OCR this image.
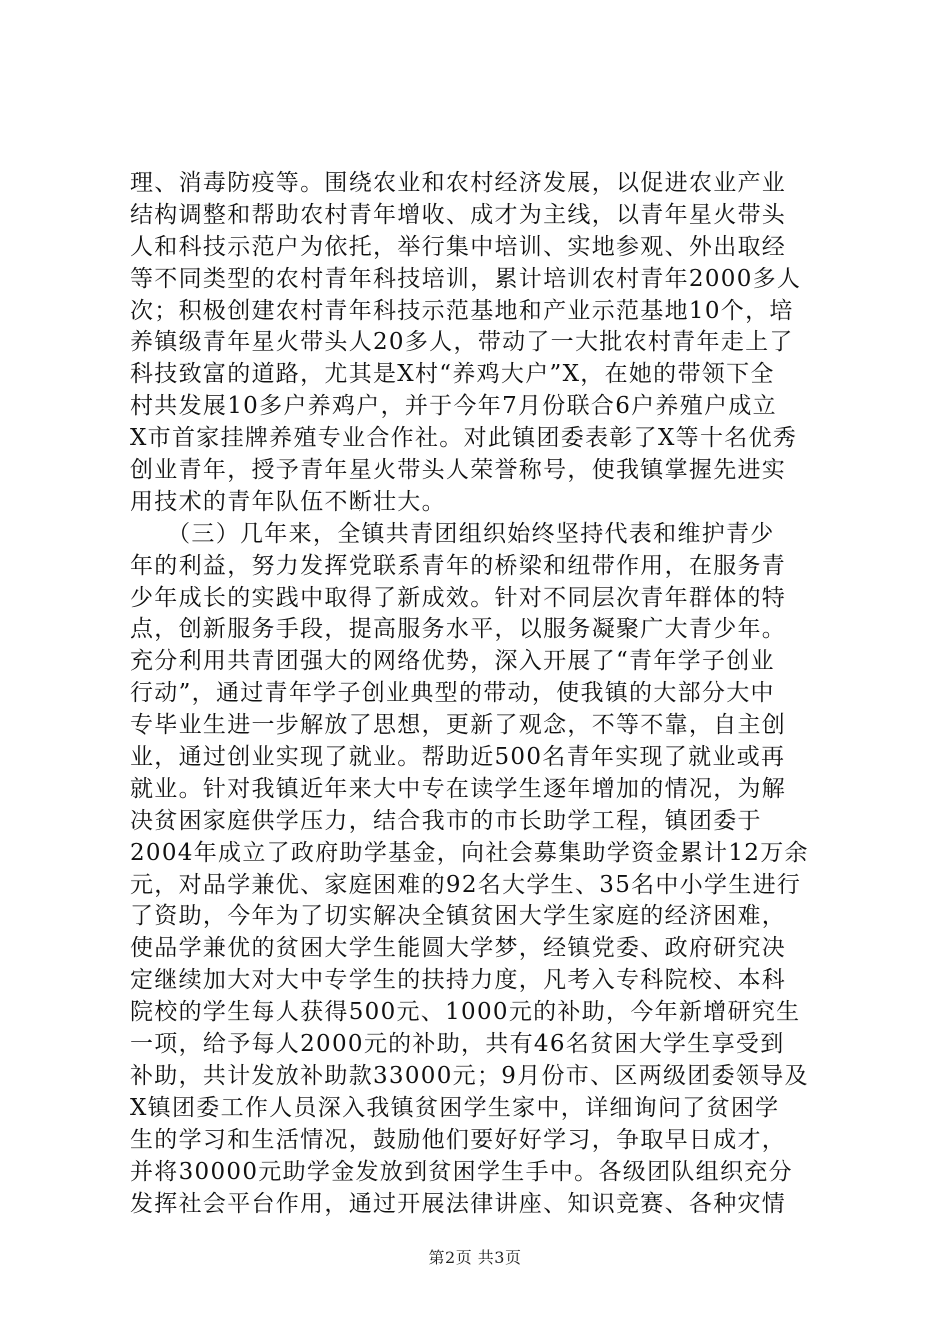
理、消毒防疫等。围绕农业和农村经济发展，以促进农业产业
结构调整和帮助农村青年增收、成才为主线，以青年星火带头
人和科技示范户为依托，举行集中培训、实地参观、外出取经
等不同类型的农村青年科技培训，累计培训农村青年2000多人
次；积极创建农村青年科技示范基地和产业示范基地10个，培
养镇级青年星火带头人20多人，带动了一大批农村青年走上了
科技致富的道路，尤其是X村“养鸡大户”X，在她的带领下全
村共发展10多户养鸡户，并于今年7月份联合6户养殖户成立
X市首家挂牌养殖专业合作社。对此镇团委表彰了X等十名优秀
创业青年，授予青年星火带头人荣誉称号，使我镇掌握先进实
用技术的青年队伍不断壮大。
　　（三）几年来，全镇共青团组织始终坚持代表和维护青少
年的利益，努力发挥党联系青年的桥梁和纽带作用，在服务青
少年成长的实践中取得了新成效。针对不同层次青年群体的特
点，创新服务手段，提高服务水平，以服务凝聚广大青少年。
充分利用共青团强大的网络优势，深入开展了“青年学子创业
行动”，通过青年学子创业典型的带动，使我镇的大部分大中
专毕业生进一步解放了思想，更新了观念，不等不靠，自主创
业，通过创业实现了就业。帮助近500名青年实现了就业或再
就业。针对我镇近年来大中专在读学生逐年增加的情况，为解
决贫困家庭供学压力，结合我市的市长助学工程，镇团委于
2004年成立了政府助学基金，向社会募集助学资金累计12万余
元，对品学兼优、家庭困难的92名大学生、35名中小学生进行
了资助，今年为了切实解决全镇贫困大学生家庭的经济困难，
使品学兼优的贫困大学生能圆大学梦，经镇党委、政府研究决
定继续加大对大中专学生的扶持力度，凡考入专科院校、本科
院校的学生每人获得500元、1000元的补助，今年新增研究生
一项，给予每人2000元的补助，共有46名贫困大学生享受到
补助，共计发放补助款33000元；9月份市、区两级团委领导及
X镇团委工作人员深入我镇贫困学生家中，详细询问了贫困学
生的学习和生活情况，鼓励他们要好好学习，争取早日成才，
并将30000元助学金发放到贫困学生手中。各级团队组织充分
发挥社会平台作用，通过开展法律讲座、知识竞赛、各种灾情
第2页 共3页
